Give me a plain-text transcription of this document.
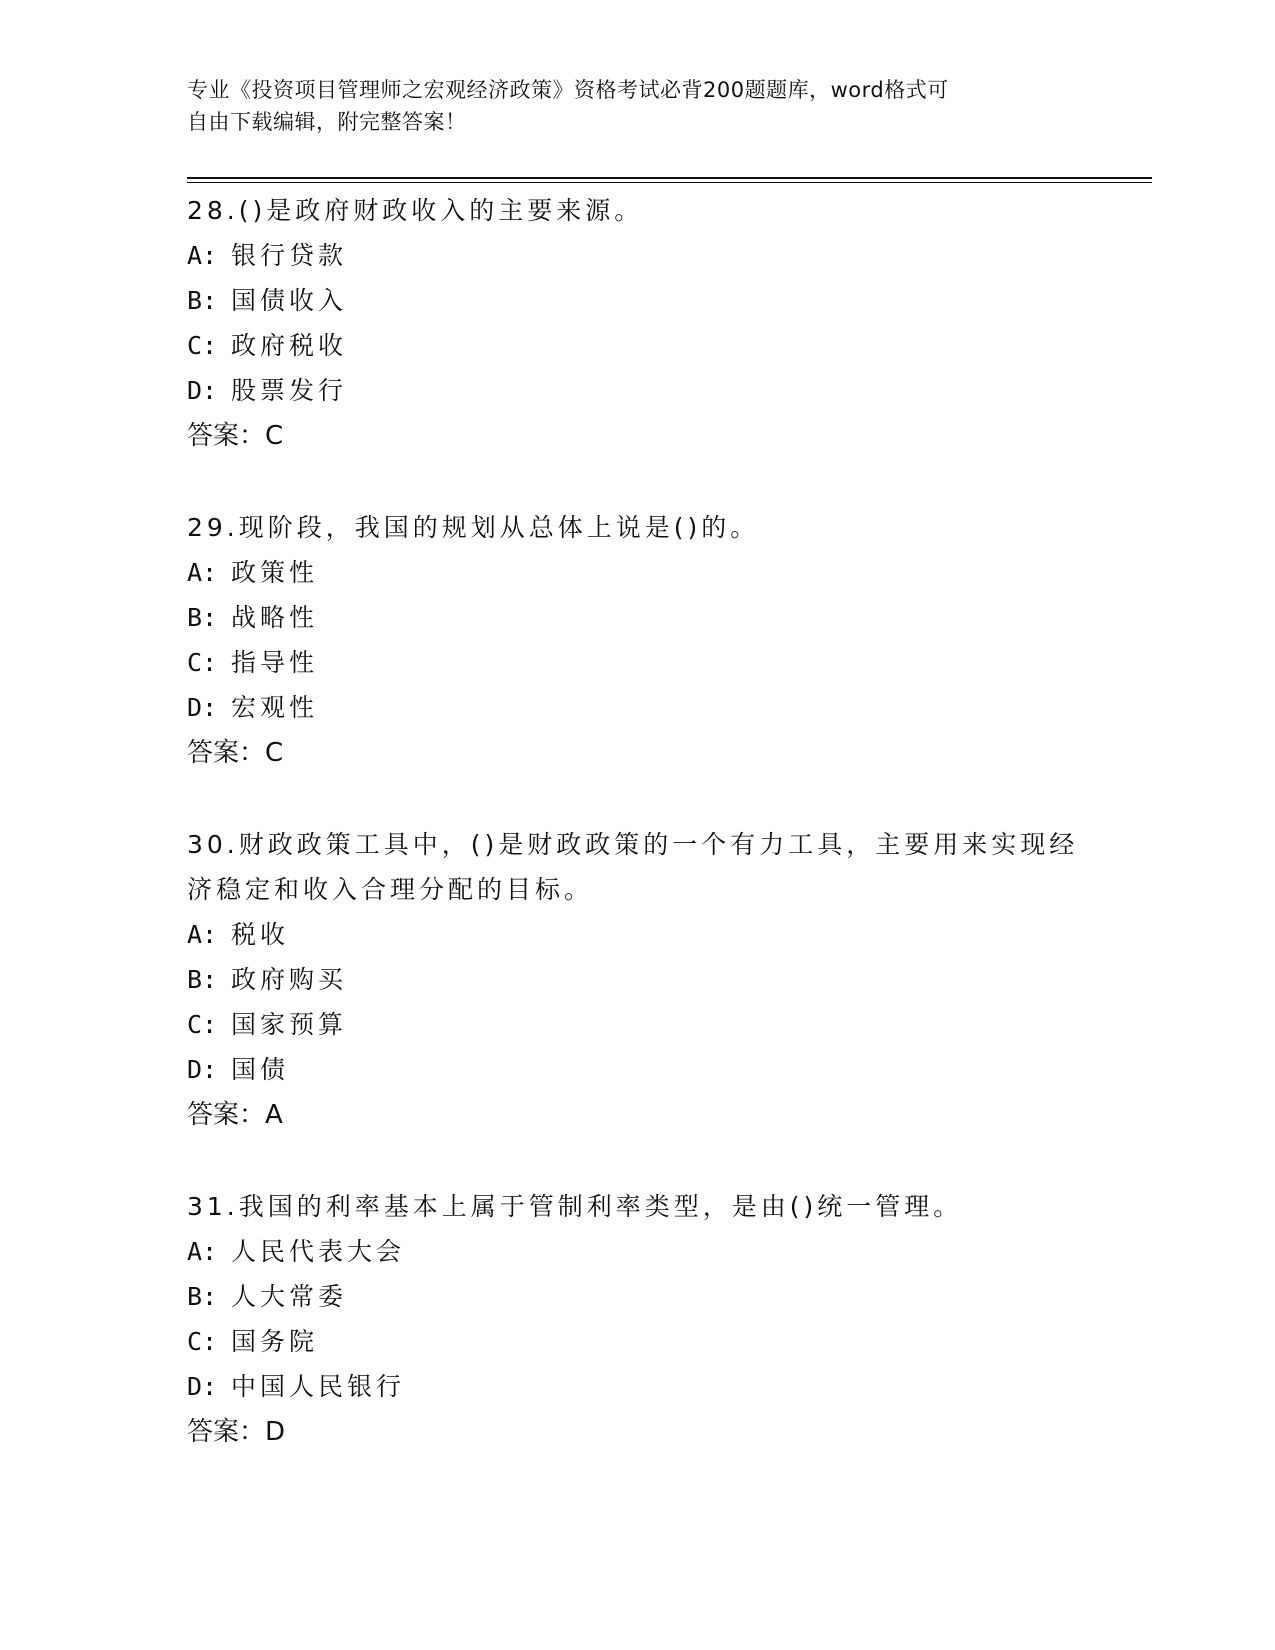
专业《投资项目管理师之宏观经济政策》资格考试必背200题题库，word格式可
自由下载编辑，附完整答案！
28.()是政府财政收入的主要来源。
A: 银行贷款
B: 国债收入
C: 政府税收
D: 股票发行
答案：C
29.现阶段，我国的规划从总体上说是()的。
A: 政策性
B: 战略性
C: 指导性
D: 宏观性
答案：C
30.财政政策工具中，()是财政政策的一个有力工具，主要用来实现经济稳定和收入合理分配的目标。
A: 税收
B: 政府购买
C: 国家预算
D: 国债
答案：A
31.我国的利率基本上属于管制利率类型，是由()统一管理。
A: 人民代表大会
B: 人大常委
C: 国务院
D: 中国人民银行
答案：D
